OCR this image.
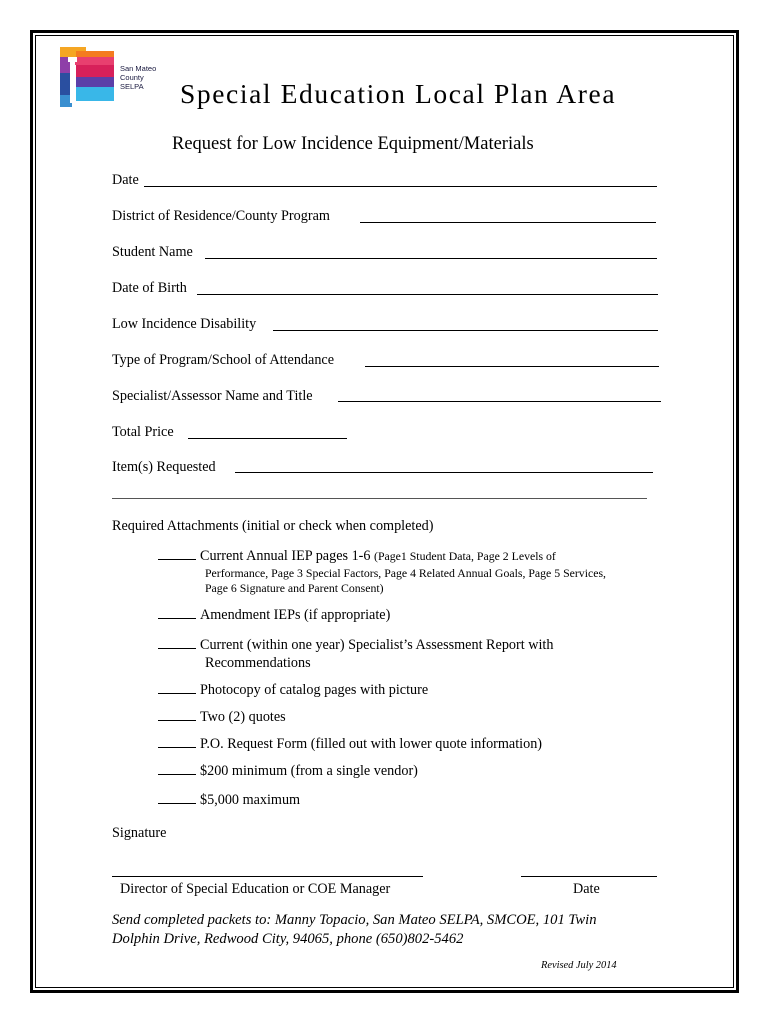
San Mateo
County
SELPA	Special Education Local Plan Area
Request for Low Incidence Equipment/Materials
Date
District of Residence/County Program
Student Name
Date of Birth
Low Incidence Disability
Type of Program/School of Attendance
Specialist/Assessor Name and Title
Total Price
Item(s) Requested
Required Attachments (initial or check when completed)
Current Annual IEP pages 1-6 (Page1 Student Data, Page 2 Levels of
Performance, Page 3 Special Factors, Page 4 Related Annual Goals, Page 5 Services,
Page 6 Signature and Parent Consent)
Amendment IEPs (if appropriate)
Current (within one year) Specialist’s Assessment Report with
Recommendations
Photocopy of catalog pages with picture
Two (2) quotes
P.O. Request Form (filled out with lower quote information)
$200 minimum (from a single vendor)
$5,000 maximum
Signature
Director of Special Education or COE Manager	Date
Send completed packets to: Manny Topacio, San Mateo SELPA, SMCOE, 101 Twin
Dolphin Drive, Redwood City, 94065, phone (650)802-5462
Revised July 2014
